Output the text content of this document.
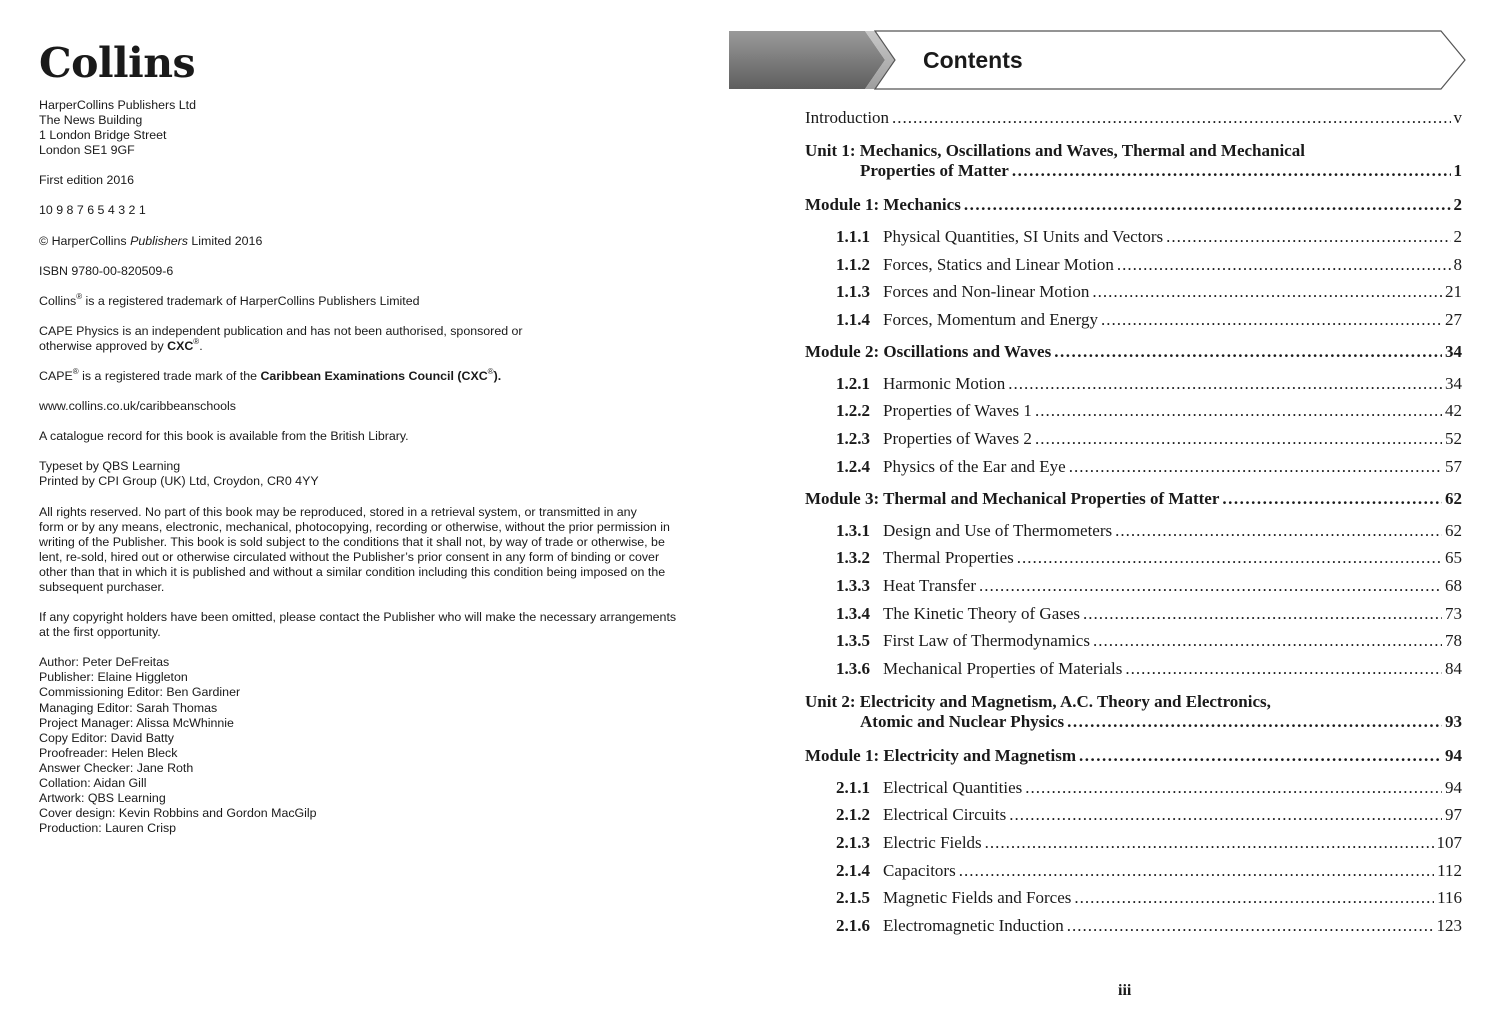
Collins

HarperCollins Publishers Ltd
The News Building
1 London Bridge Street
London SE1 9GF

First edition 2016

10 9 8 7 6 5 4 3 2 1

© HarperCollins Publishers Limited 2016

ISBN 9780-00-820509-6

Collins® is a registered trademark of HarperCollins Publishers Limited

CAPE Physics is an independent publication and has not been authorised, sponsored or
otherwise approved by CXC®.

CAPE® is a registered trade mark of the Caribbean Examinations Council (CXC®).

www.collins.co.uk/caribbeanschools

A catalogue record for this book is available from the British Library.

Typeset by QBS Learning
Printed by CPI Group (UK) Ltd, Croydon, CR0 4YY

All rights reserved. No part of this book may be reproduced, stored in a retrieval system, or transmitted in any
form or by any means, electronic, mechanical, photocopying, recording or otherwise, without the prior permission in
writing of the Publisher. This book is sold subject to the conditions that it shall not, by way of trade or otherwise, be
lent, re-sold, hired out or otherwise circulated without the Publisher’s prior consent in any form of binding or cover
other than that in which it is published and without a similar condition including this condition being imposed on the
subsequent purchaser.

If any copyright holders have been omitted, please contact the Publisher who will make the necessary arrangements
at the first opportunity.

Author: Peter DeFreitas
Publisher: Elaine Higgleton
Commissioning Editor: Ben Gardiner
Managing Editor: Sarah Thomas
Project Manager: Alissa McWhinnie
Copy Editor: David Batty
Proofreader: Helen Bleck
Answer Checker: Jane Roth
Collation: Aidan Gill
Artwork: QBS Learning
Cover design: Kevin Robbins and Gordon MacGilp
Production: Lauren Crisp

Contents
Introduction .....	v
Unit 1: Mechanics, Oscillations and Waves, Thermal and Mechanical
Properties of Matter .....	1
Module 1: Mechanics .....	2
1.1.1 Physical Quantities, SI Units and Vectors .....	2
1.1.2 Forces, Statics and Linear Motion .....	8
1.1.3 Forces and Non-linear Motion .....	21
1.1.4 Forces, Momentum and Energy .....	27
Module 2: Oscillations and Waves .....	34
1.2.1 Harmonic Motion .....	34
1.2.2 Properties of Waves 1 .....	42
1.2.3 Properties of Waves 2 .....	52
1.2.4 Physics of the Ear and Eye .....	57
Module 3: Thermal and Mechanical Properties of Matter .....	62
1.3.1 Design and Use of Thermometers .....	62
1.3.2 Thermal Properties .....	65
1.3.3 Heat Transfer .....	68
1.3.4 The Kinetic Theory of Gases .....	73
1.3.5 First Law of Thermodynamics .....	78
1.3.6 Mechanical Properties of Materials .....	84
Unit 2: Electricity and Magnetism, A.C. Theory and Electronics,
Atomic and Nuclear Physics .....	93
Module 1: Electricity and Magnetism .....	94
2.1.1 Electrical Quantities .....	94
2.1.2 Electrical Circuits .....	97
2.1.3 Electric Fields .....	107
2.1.4 Capacitors .....	112
2.1.5 Magnetic Fields and Forces .....	116
2.1.6 Electromagnetic Induction .....	123
iii
